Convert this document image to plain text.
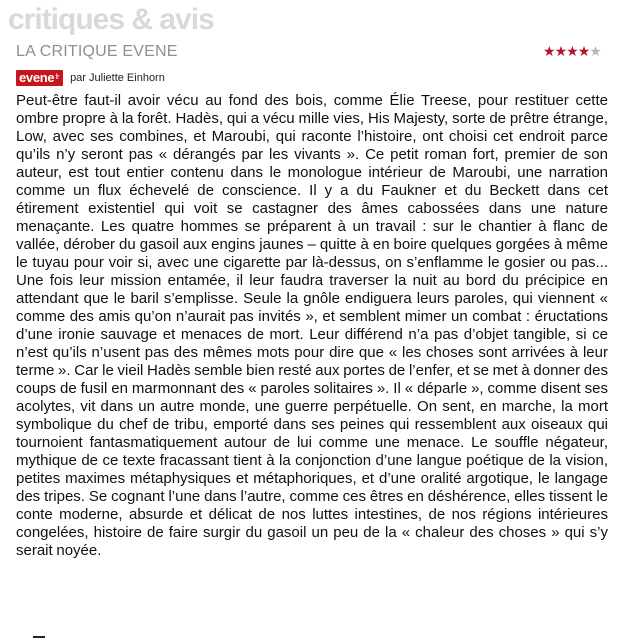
critiques & avis
LA CRITIQUE EVENE	★★★★★
evene$^{fr}$	par Juliette Einhorn

Peut-être faut-il avoir vécu au fond des bois, comme Élie Treese, pour restituer cette ombre propre à la forêt. Hadès, qui a vécu mille vies, His Majesty, sorte de prêtre étrange, Low, avec ses combines, et Maroubi, qui raconte l’histoire, ont choisi cet endroit parce qu’ils n’y seront pas « dérangés par les vivants ». Ce petit roman fort, premier de son auteur, est tout entier contenu dans le monologue intérieur de Maroubi, une narration comme un flux échevelé de conscience. Il y a du Faukner et du Beckett dans cet étirement existentiel qui voit se castagner des âmes cabossées dans une nature menaçante. Les quatre hommes se préparent à un travail : sur le chantier à flanc de vallée, dérober du gasoil aux engins jaunes – quitte à en boire quelques gorgées à même le tuyau pour voir si, avec une cigarette par là-dessus, on s’enflamme le gosier ou pas... Une fois leur mission entamée, il leur faudra traverser la nuit au bord du précipice en attendant que le baril s’emplisse. Seule la gnôle endiguera leurs paroles, qui viennent « comme des amis qu’on n’aurait pas invités », et semblent mimer un combat : éructations d’une ironie sauvage et menaces de mort. Leur différend n’a pas d’objet tangible, si ce n’est qu’ils n’usent pas des mêmes mots pour dire que « les choses sont arrivées à leur terme ». Car le vieil Hadès semble bien resté aux portes de l’enfer, et se met à donner des coups de fusil en marmonnant des « paroles solitaires ». Il « déparle », comme disent ses acolytes, vit dans un autre monde, une guerre perpétuelle. On sent, en marche, la mort symbolique du chef de tribu, emporté dans ses peines qui ressemblent aux oiseaux qui tournoient fantasmatiquement autour de lui comme une menace. Le souffle négateur, mythique de ce texte fracassant tient à la conjonction d’une langue poétique de la vision, petites maximes métaphysiques et métaphoriques, et d’une oralité argotique, le langage des tripes. Se cognant l’une dans l’autre, comme ces êtres en déshérence, elles tissent le conte moderne, absurde et délicat de nos luttes intestines, de nos régions intérieures congelées, histoire de faire surgir du gasoil un peu de la « chaleur des choses » qui s’y serait noyée.
